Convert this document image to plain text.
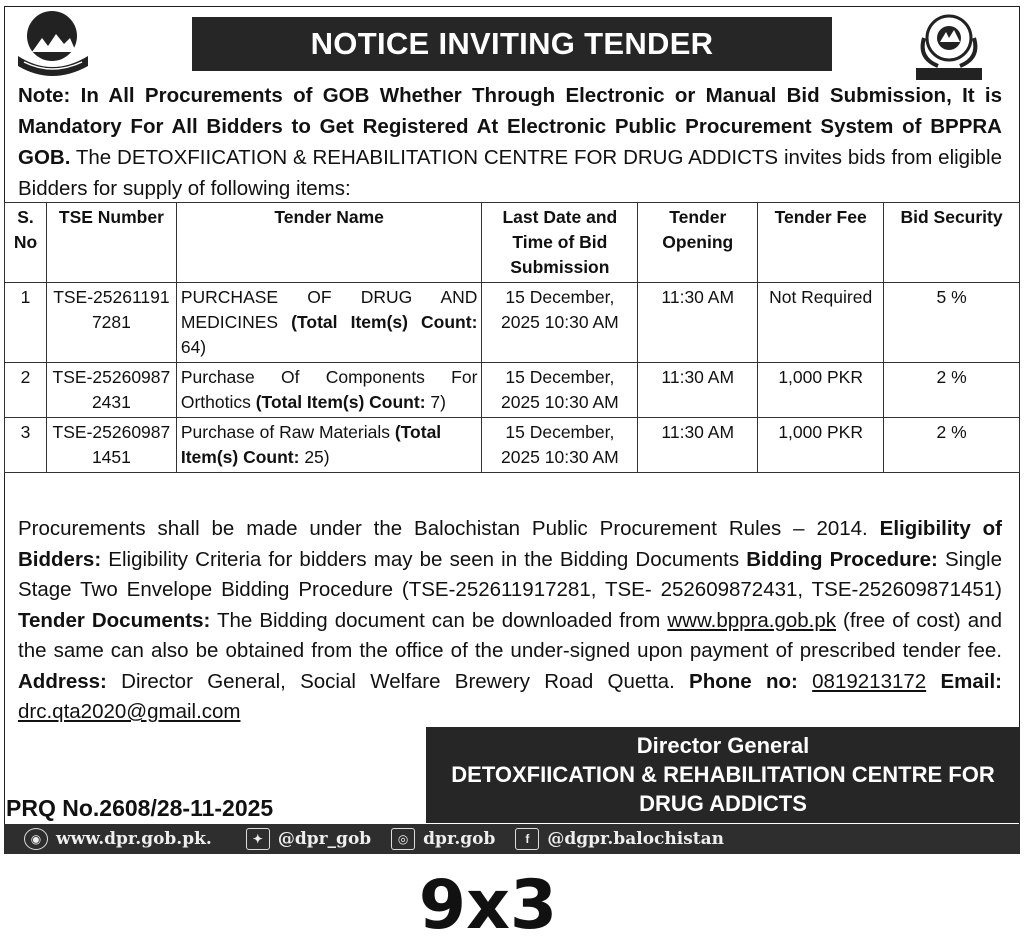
NOTICE INVITING TENDER
Note: In All Procurements of GOB Whether Through Electronic or Manual Bid Submission, It is Mandatory For All Bidders to Get Registered At Electronic Public Procurement System of BPPRA GOB. The DETOXFIICATION & REHABILITATION CENTRE FOR DRUG ADDICTS invites bids from eligible Bidders for supply of following items:
S. No	TSE Number	Tender Name	Last Date and Time of Bid Submission	Tender Opening	Tender Fee	Bid Security
1	TSE-252611917281	PURCHASE OF DRUG AND MEDICINES (Total Item(s) Count: 64)	15 December, 2025 10:30 AM	11:30 AM	Not Required	5 %
2	TSE-252609872431	Purchase Of Components For Orthotics (Total Item(s) Count: 7)	15 December, 2025 10:30 AM	11:30 AM	1,000 PKR	2 %
3	TSE-252609871451	Purchase of Raw Materials (Total Item(s) Count: 25)	15 December, 2025 10:30 AM	11:30 AM	1,000 PKR	2 %
Procurements shall be made under the Balochistan Public Procurement Rules – 2014. Eligibility of Bidders: Eligibility Criteria for bidders may be seen in the Bidding Documents Bidding Procedure: Single Stage Two Envelope Bidding Procedure (TSE-252611917281, TSE- 252609872431, TSE-252609871451) Tender Documents: The Bidding document can be downloaded from www.bppra.gob.pk (free of cost) and the same can also be obtained from the office of the under-signed upon payment of prescribed tender fee. Address: Director General, Social Welfare Brewery Road Quetta. Phone no: 0819213172 Email: drc.qta2020@gmail.com
Director General
DETOXFIICATION & REHABILITATION CENTRE FOR
DRUG ADDICTS
PRQ No.2608/28-11-2025
◉ www.dpr.gob.pk.	✦ @dpr_gob	◎ dpr.gob	f	@dgpr.balochistan
9x3
